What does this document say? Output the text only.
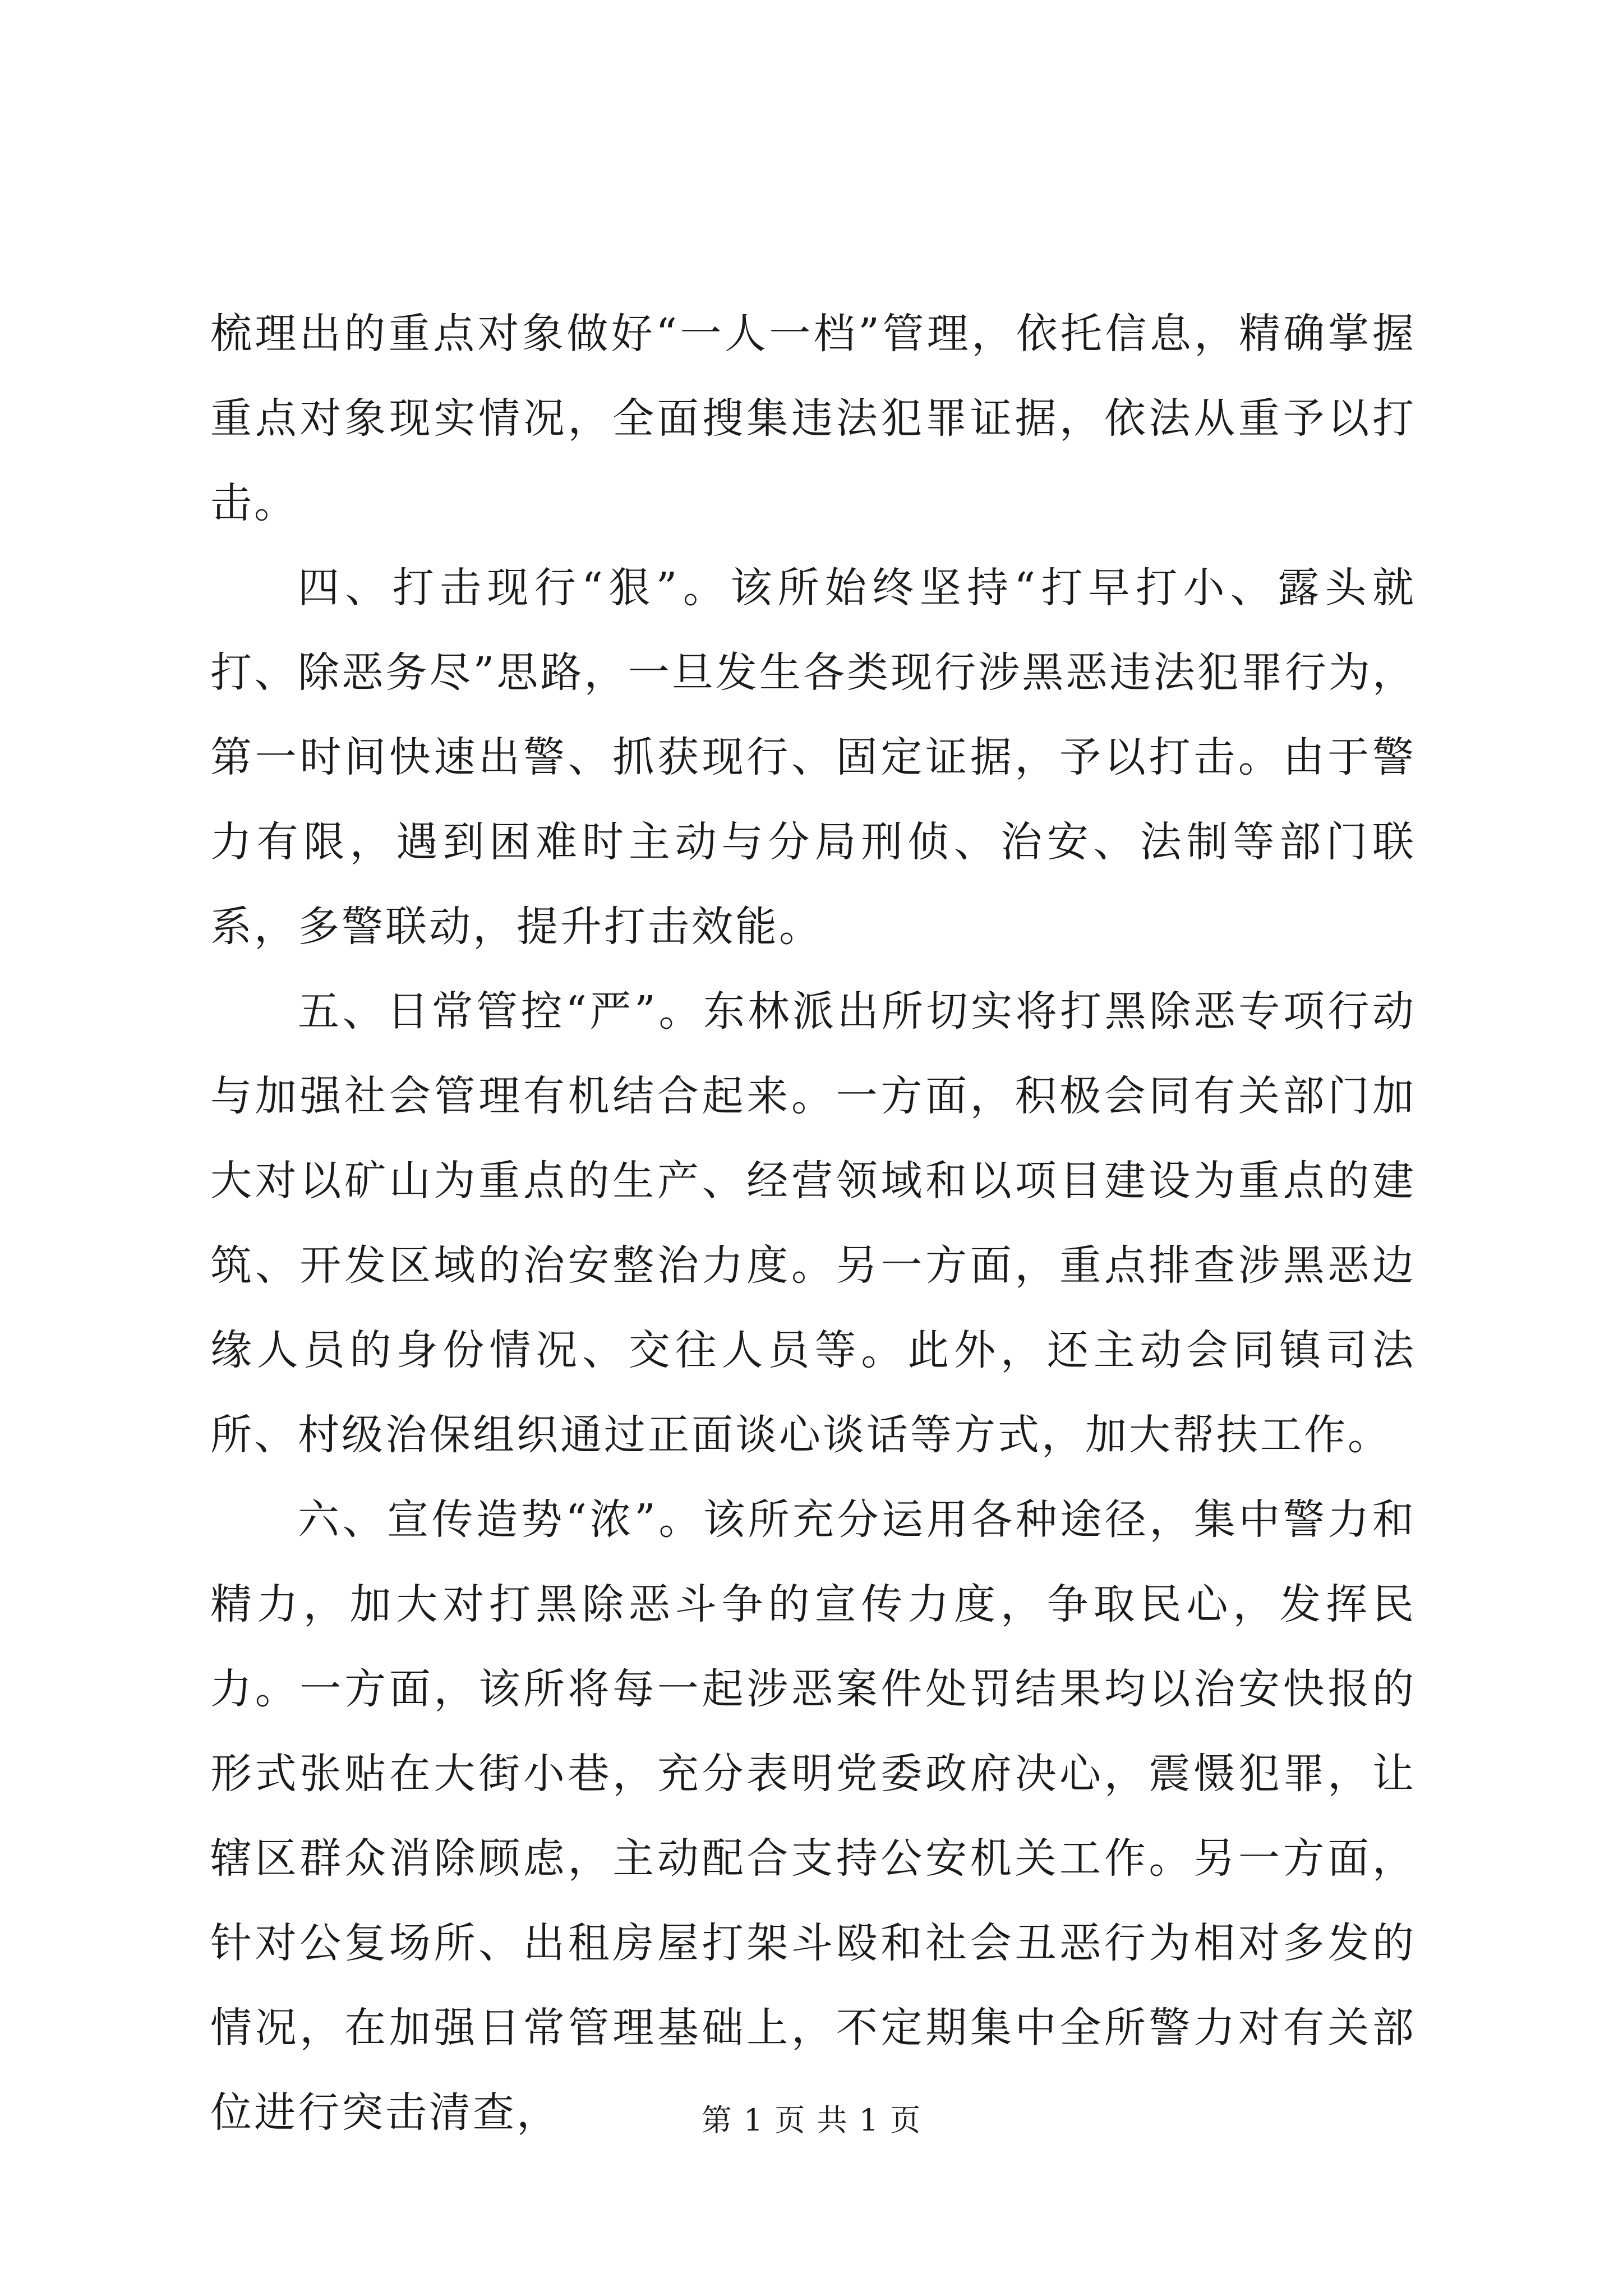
梳理出的重点对象做好“一人一档”管理，依托信息，精确掌握重点对象现实情况，全面搜集违法犯罪证据，依法从重予以打击。

四、打击现行“狠”。该所始终坚持“打早打小、露头就打、除恶务尽”思路，一旦发生各类现行涉黑恶违法犯罪行为，第一时间快速出警、抓获现行、固定证据，予以打击。由于警力有限，遇到困难时主动与分局刑侦、治安、法制等部门联系，多警联动，提升打击效能。

五、日常管控“严”。东林派出所切实将打黑除恶专项行动与加强社会管理有机结合起来。一方面，积极会同有关部门加大对以矿山为重点的生产、经营领域和以项目建设为重点的建筑、开发区域的治安整治力度。另一方面，重点排查涉黑恶边缘人员的身份情况、交往人员等。此外，还主动会同镇司法所、村级治保组织通过正面谈心谈话等方式，加大帮扶工作。

六、宣传造势“浓”。该所充分运用各种途径，集中警力和精力，加大对打黑除恶斗争的宣传力度，争取民心，发挥民力。一方面，该所将每一起涉恶案件处罚结果均以治安快报的形式张贴在大街小巷，充分表明党委政府决心，震慑犯罪，让辖区群众消除顾虑，主动配合支持公安机关工作。另一方面，针对公复场所、出租房屋打架斗殴和社会丑恶行为相对多发的情况，在加强日常管理基础上，不定期集中全所警力对有关部位进行突击清查，	第 1 页 共 1 页
